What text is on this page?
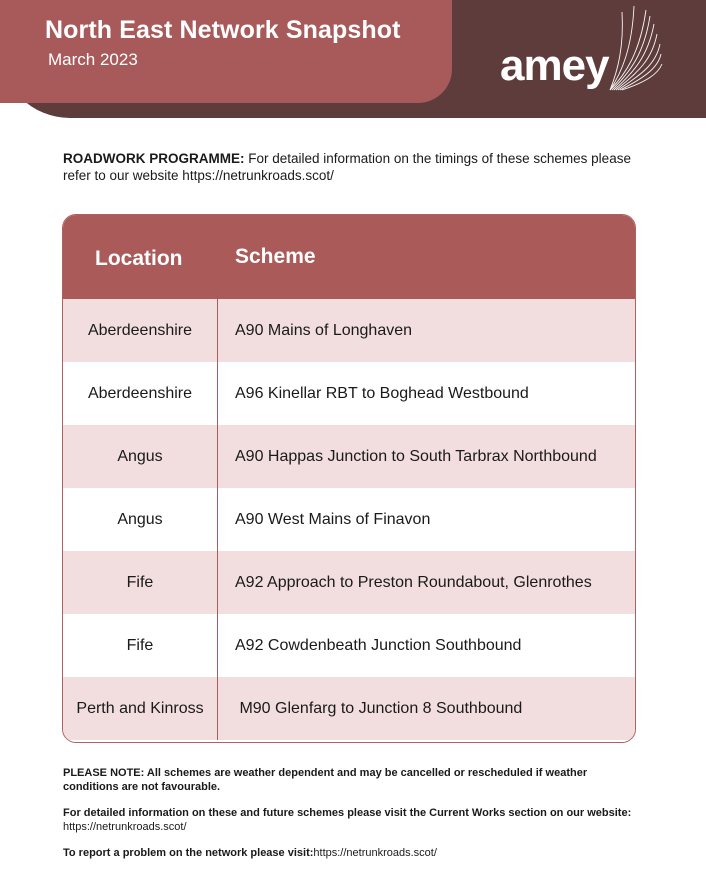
North East Network Snapshot

March 2023	amey

ROADWORK PROGRAMME: For detailed information on the timings of these schemes please refer to our website https://netrunkroads.scot/

Location	Scheme
Aberdeenshire	A90 Mains of Longhaven
Aberdeenshire	A96 Kinellar RBT to Boghead Westbound
Angus	A90 Happas Junction to South Tarbrax Northbound
Angus	A90 West Mains of Finavon
Fife	A92 Approach to Preston Roundabout, Glenrothes
Fife	A92 Cowdenbeath Junction Southbound
Perth and Kinross	M90 Glenfarg to Junction 8 Southbound

PLEASE NOTE: All schemes are weather dependent and may be cancelled or rescheduled if weather conditions are not favourable.

For detailed information on these and future schemes please visit the Current Works section on our website: https://netrunkroads.scot/

To report a problem on the network please visit:https://netrunkroads.scot/
